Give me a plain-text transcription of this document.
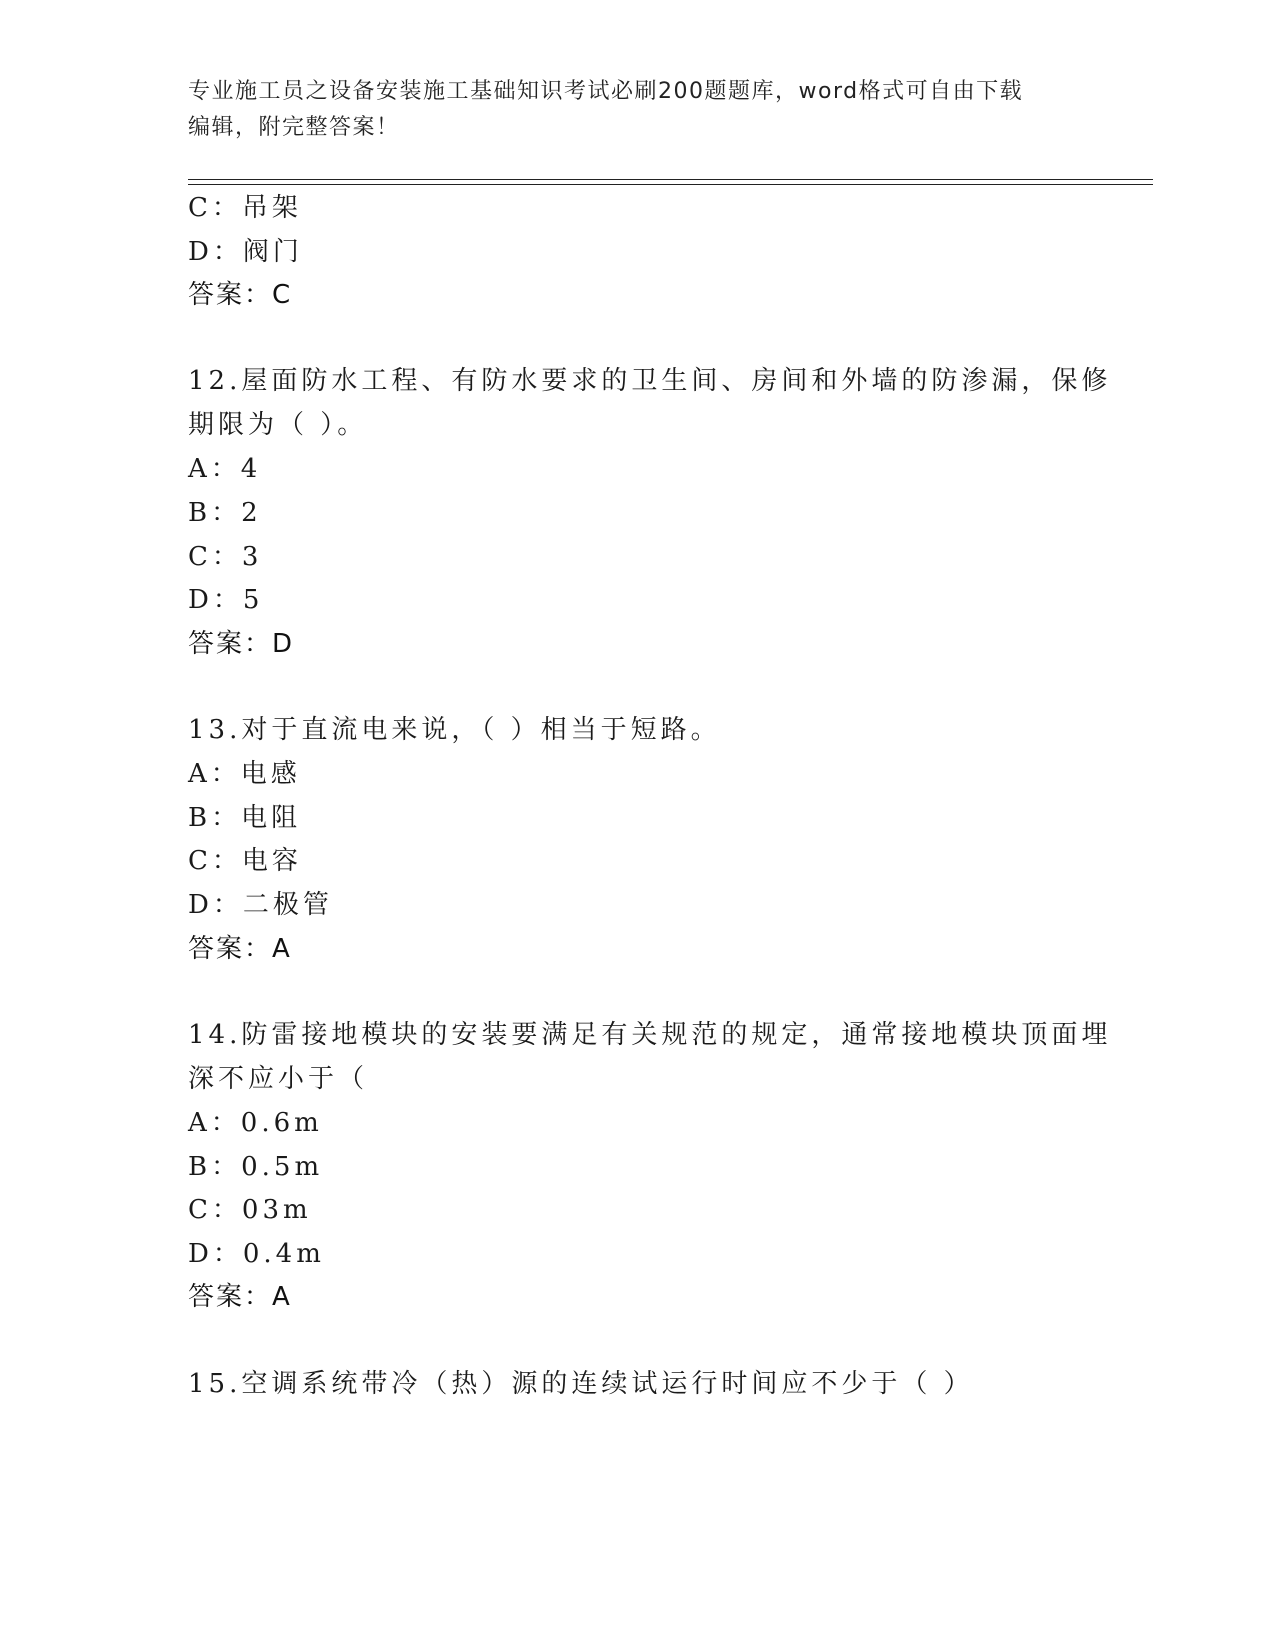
专业施工员之设备安装施工基础知识考试必刷200题题库，word格式可自由下载
编辑，附完整答案！
C：吊架
D：阀门
答案：C
12.屋面防水工程、有防水要求的卫生间、房间和外墙的防渗漏，保修
期限为（ ）。
A：4
B：2
C：3
D：5
答案：D
13.对于直流电来说，（ ）相当于短路。
A：电感
B：电阻
C：电容
D：二极管
答案：A
14.防雷接地模块的安装要满足有关规范的规定，通常接地模块顶面埋
深不应小于（
A：0.6m
B：0.5m
C：03m
D：0.4m
答案：A
15.空调系统带冷（热）源的连续试运行时间应不少于（ ）
